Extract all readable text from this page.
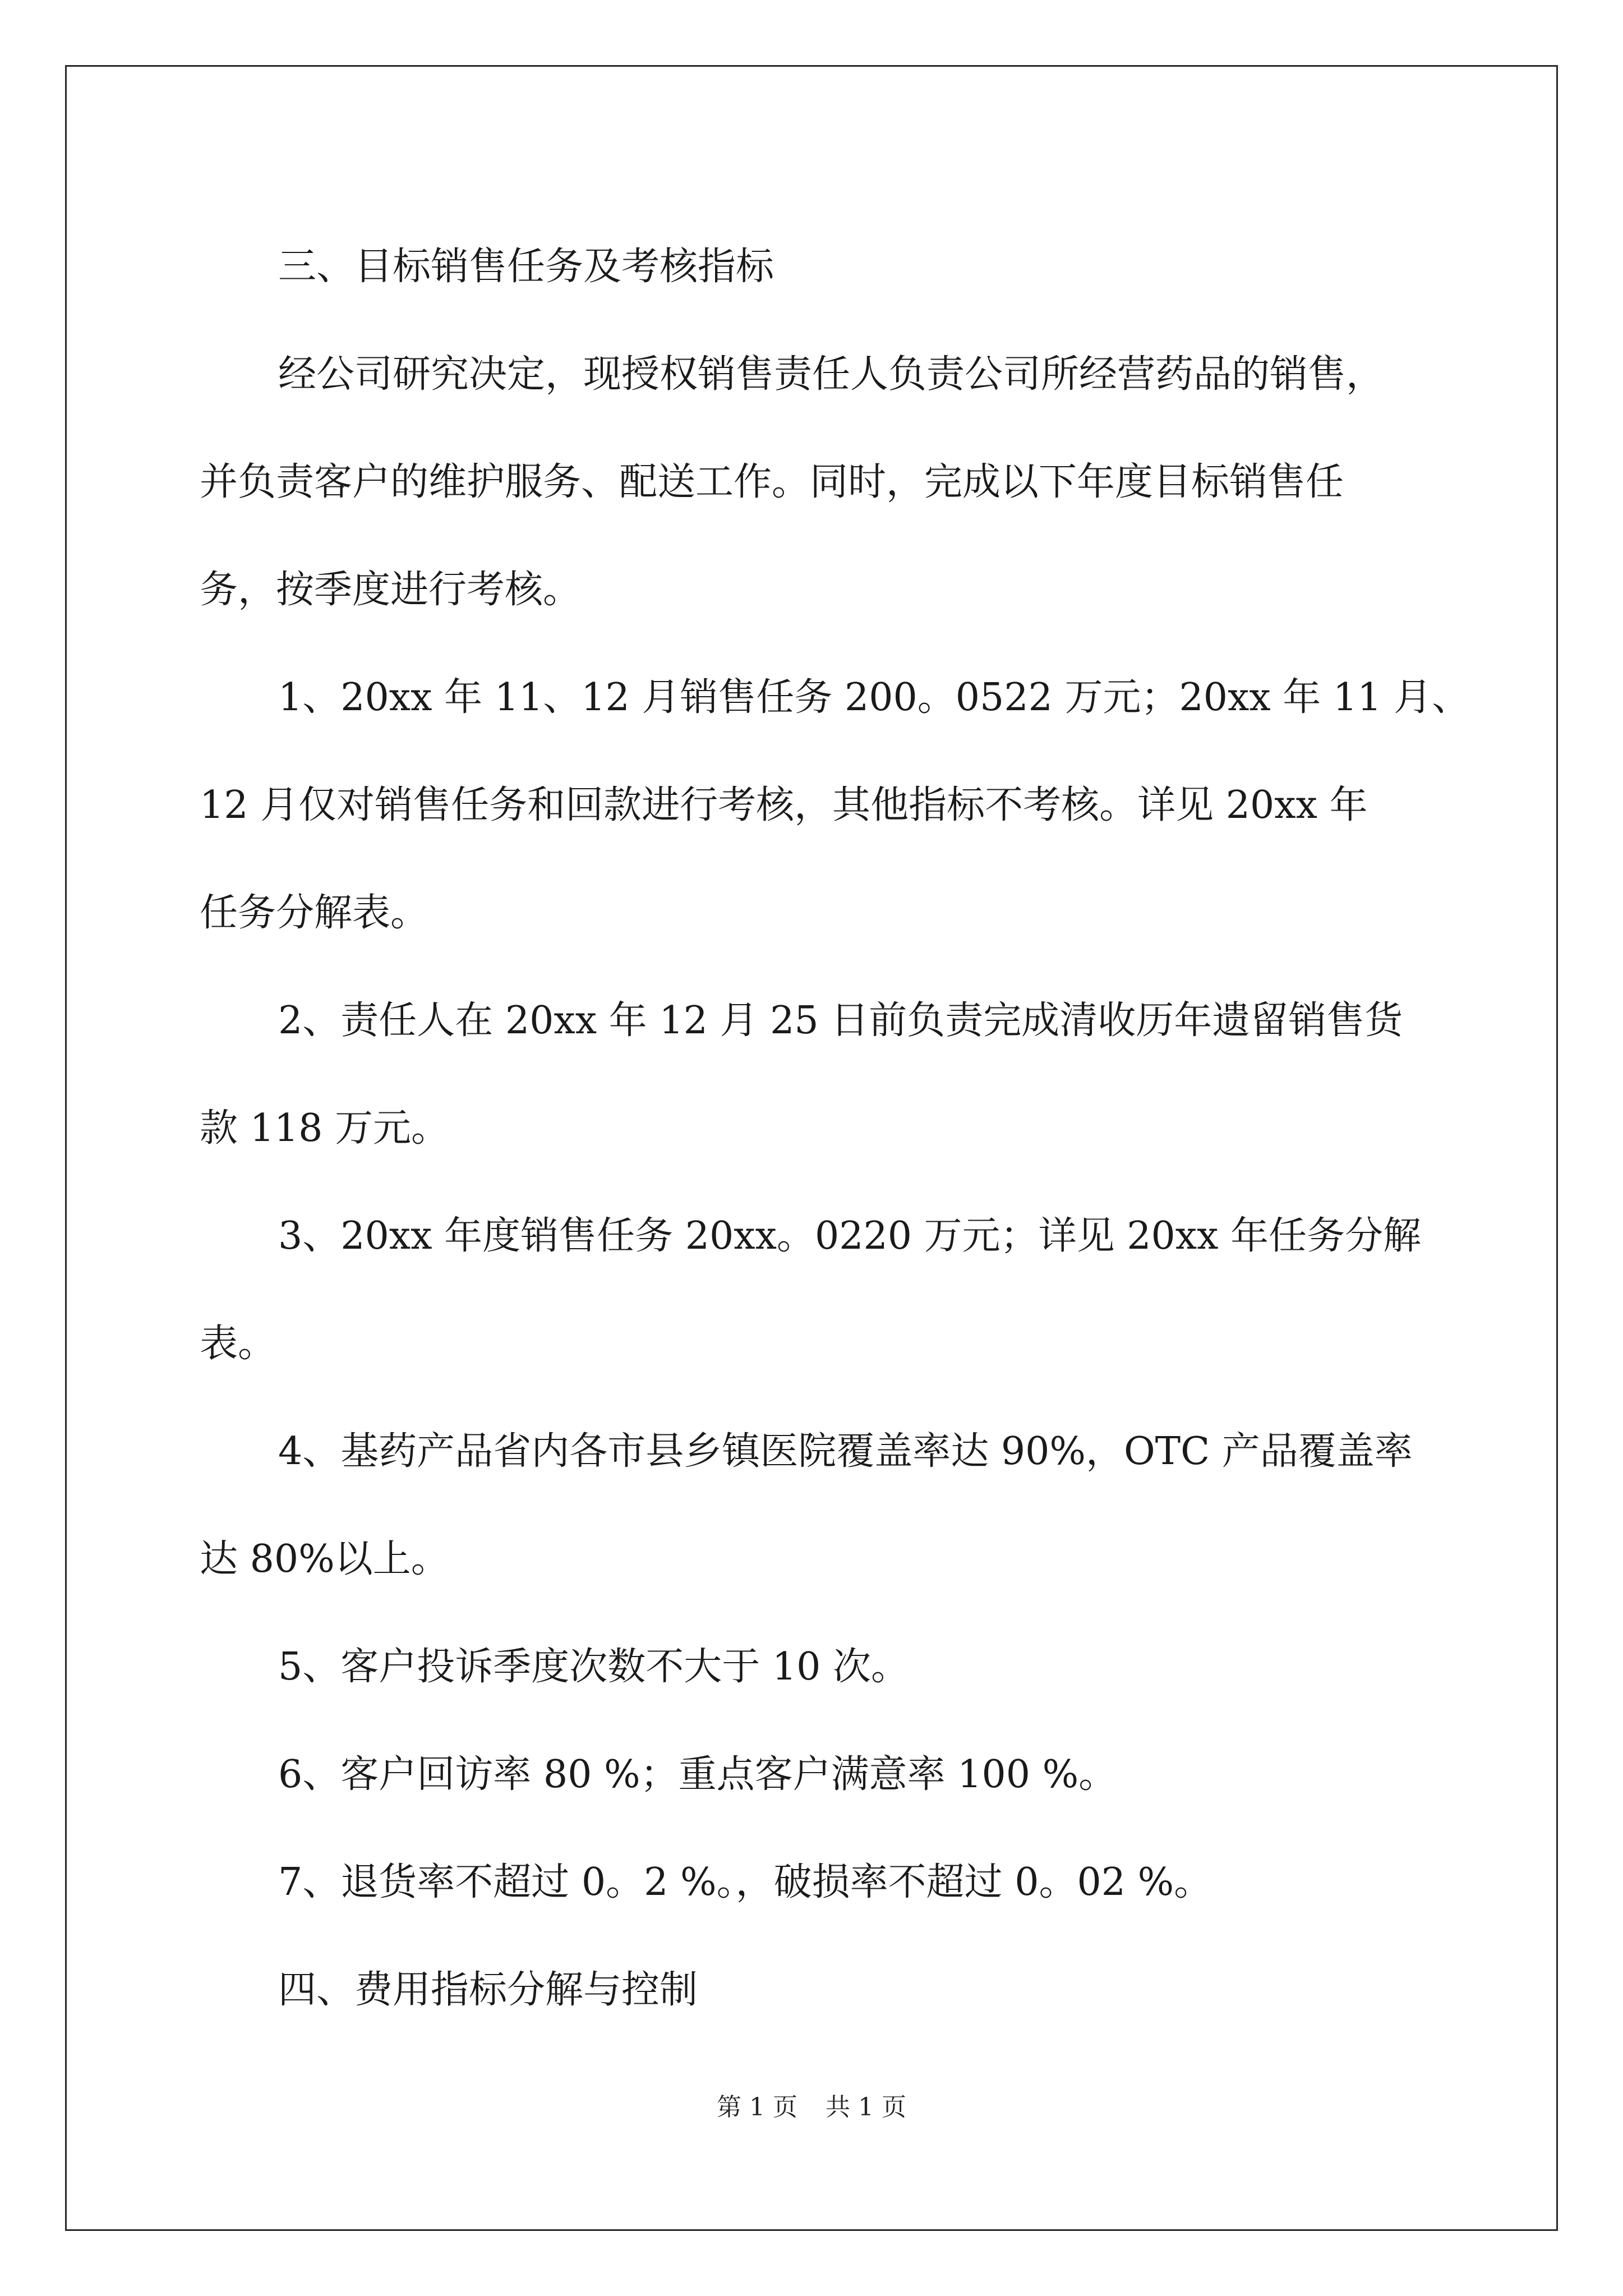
三、目标销售任务及考核指标

经公司研究决定，现授权销售责任人负责公司所经营药品的销售，

并负责客户的维护服务、配送工作。同时，完成以下年度目标销售任

务，按季度进行考核。

1、20xx 年 11、12 月销售任务 200。0522 万元；20xx 年 11 月、

12 月仅对销售任务和回款进行考核，其他指标不考核。详见 20xx 年

任务分解表。

2、责任人在 20xx 年 12 月 25 日前负责完成清收历年遗留销售货

款 118 万元。

3、20xx 年度销售任务 20xx。0220 万元；详见 20xx 年任务分解

表。

4、基药产品省内各市县乡镇医院覆盖率达 90%，OTC 产品覆盖率

达 80%以上。

5、客户投诉季度次数不大于 10 次。

6、客户回访率 80 %；重点客户满意率 100 %。

7、退货率不超过 0。2 %。，破损率不超过 0。02 %。

四、费用指标分解与控制

第 1 页 共 1 页
